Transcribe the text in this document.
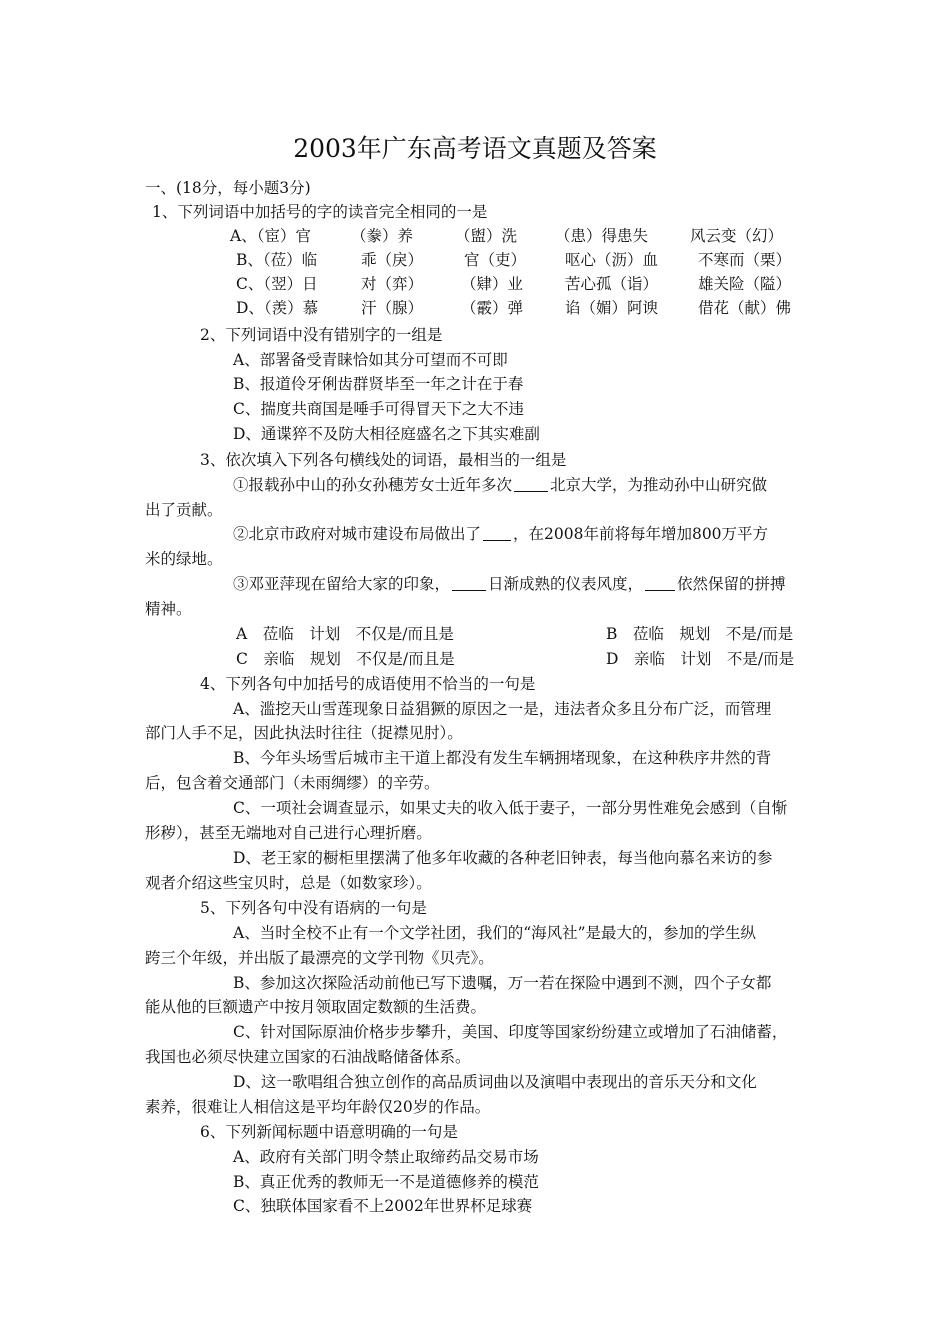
2003年广东高考语文真题及答案
一、(18分，每小题3分)
1、下列词语中加括号的字的读音完全相同的一是
A、（宦）官	（豢）养	（盥）洗 （患）得患失	风云变（幻）
B、（莅）临	乖（戾）	官（吏）	呕心（沥）血	不寒而（栗）
C、（翌）日	对（弈） （肄）业	苦心孤（诣）	雄关险（隘）
D、（羡）慕	汗（腺） （霰）弹	谄（媚）阿谀	借花（献）佛
2、下列词语中没有错别字的一组是
A、部署备受青睐恰如其分可望而不可即
B、报道伶牙俐齿群贤毕至一年之计在于春
C、揣度共商国是唾手可得冒天下之大不违
D、通谍猝不及防大相径庭盛名之下其实难副
3、依次填入下列各句横线处的词语，最相当的一组是
①报载孙中山的孙女孙穗芳女士近年多次 北京大学，为推动孙中山研究做
出了贡献。
②北京市政府对城市建设布局做出了 ，在2008年前将每年增加800万平方
米的绿地。
③邓亚萍现在留给大家的印象， 日渐成熟的仪表风度， 依然保留的拼搏
精神。
A　莅临　计划　不仅是/而且是	B　莅临　规划　不是/而是
C　亲临　规划　不仅是/而且是	D　亲临　计划　不是/而是
4、下列各句中加括号的成语使用不恰当的一句是
A、滥挖天山雪莲现象日益猖獗的原因之一是，违法者众多且分布广泛，而管理
部门人手不足，因此执法时往往（捉襟见肘）。
B、今年头场雪后城市主干道上都没有发生车辆拥堵现象，在这种秩序井然的背
后，包含着交通部门（未雨绸缪）的辛劳。
C、一项社会调查显示，如果丈夫的收入低于妻子，一部分男性难免会感到（自惭
形秽），甚至无端地对自己进行心理折磨。
D、老王家的橱柜里摆满了他多年收藏的各种老旧钟表，每当他向慕名来访的参
观者介绍这些宝贝时，总是（如数家珍）。
5、下列各句中没有语病的一句是
A、当时全校不止有一个文学社团，我们的“海风社”是最大的，参加的学生纵
跨三个年级，并出版了最漂亮的文学刊物《贝壳》。
B、参加这次探险活动前他已写下遗嘱，万一若在探险中遇到不测，四个子女都
能从他的巨额遗产中按月领取固定数额的生活费。
C、针对国际原油价格步步攀升，美国、印度等国家纷纷建立或增加了石油储蓄，
我国也必须尽快建立国家的石油战略储备体系。
D、这一歌唱组合独立创作的高品质词曲以及演唱中表现出的音乐天分和文化
素养，很难让人相信这是平均年龄仅20岁的作品。
6、下列新闻标题中语意明确的一句是
A、政府有关部门明令禁止取缔药品交易市场
B、真正优秀的教师无一不是道德修养的模范
C、独联体国家看不上2002年世界杯足球赛
